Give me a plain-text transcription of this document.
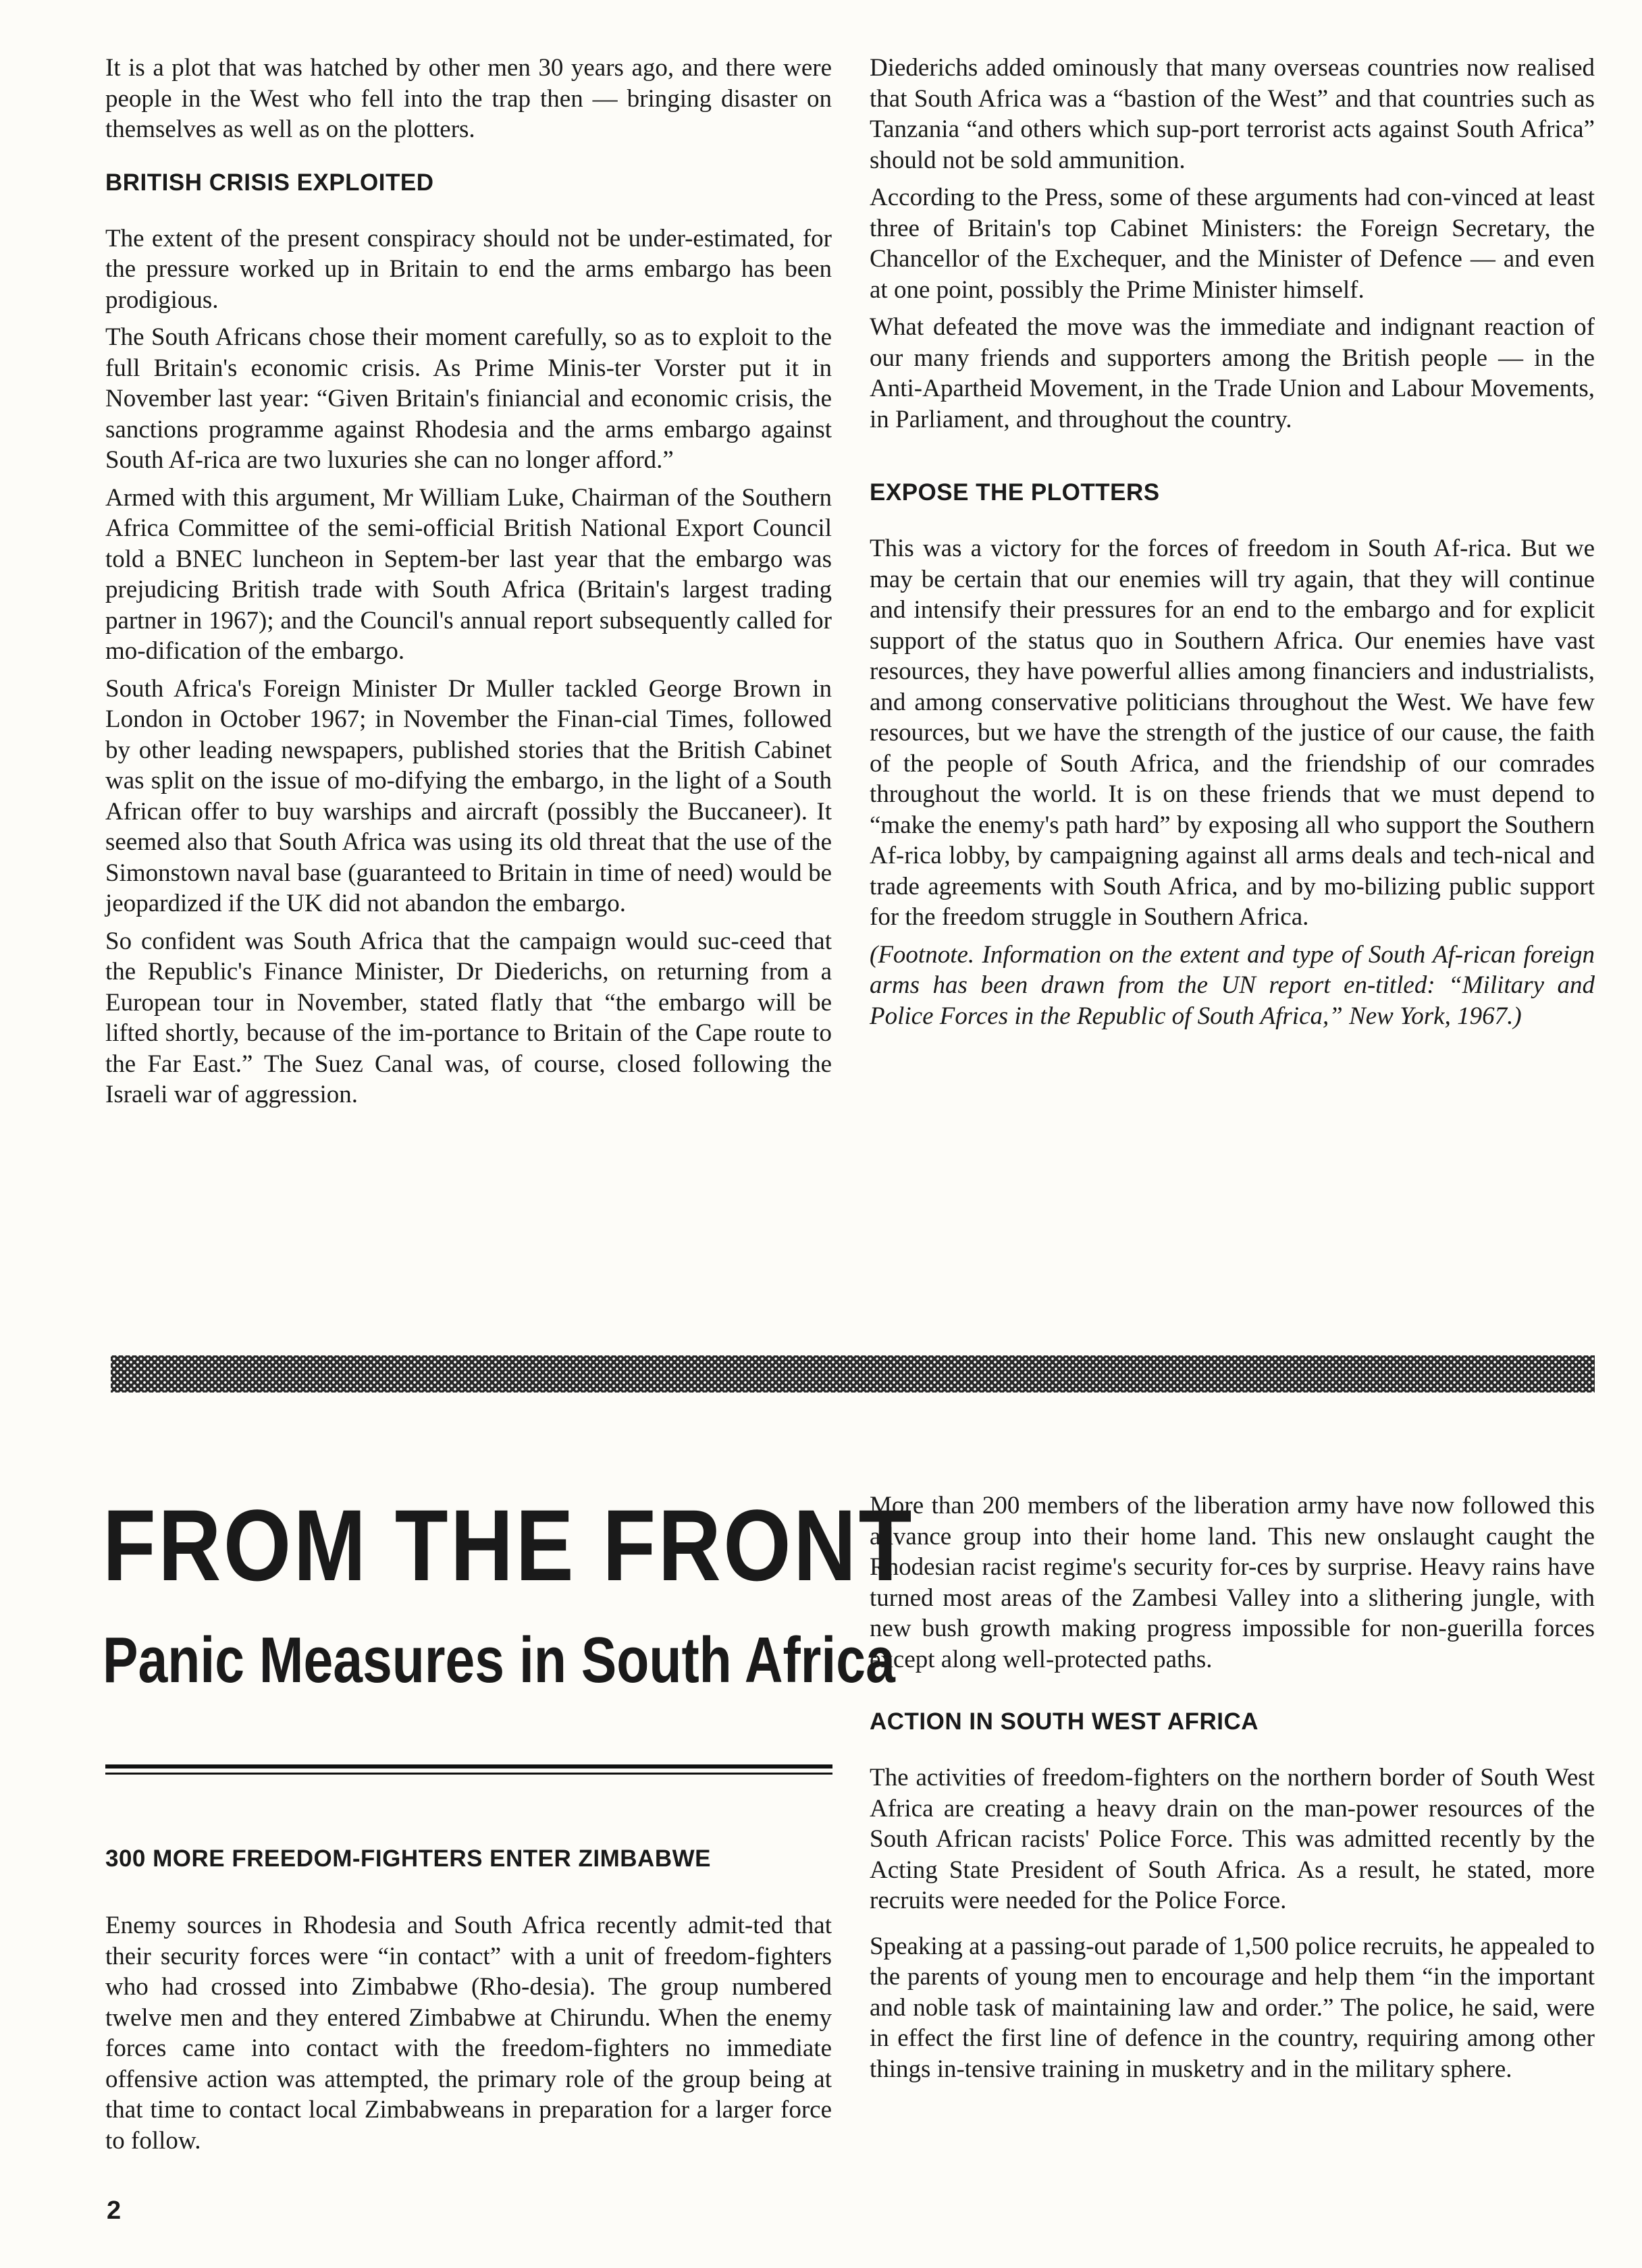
It is a plot that was hatched by other men 30 years ago, and there were people in the West who fell into the trap then — bringing disaster on themselves as well as on the plotters.

BRITISH CRISIS EXPLOITED

The extent of the present conspiracy should not be under-estimated, for the pressure worked up in Britain to end the arms embargo has been prodigious.

The South Africans chose their moment carefully, so as to exploit to the full Britain's economic crisis. As Prime Minis-ter Vorster put it in November last year: “Given Britain's finiancial and economic crisis, the sanctions programme against Rhodesia and the arms embargo against South Af-rica are two luxuries she can no longer afford.”

Armed with this argument, Mr William Luke, Chairman of the Southern Africa Committee of the semi-official British National Export Council told a BNEC luncheon in Septem-ber last year that the embargo was prejudicing British trade with South Africa (Britain's largest trading partner in 1967); and the Council's annual report subsequently called for mo-dification of the embargo.

South Africa's Foreign Minister Dr Muller tackled George Brown in London in October 1967; in November the Finan-cial Times, followed by other leading newspapers, published stories that the British Cabinet was split on the issue of mo-difying the embargo, in the light of a South African offer to buy warships and aircraft (possibly the Buccaneer). It seemed also that South Africa was using its old threat that the use of the Simonstown naval base (guaranteed to Britain in time of need) would be jeopardized if the UK did not abandon the embargo.

So confident was South Africa that the campaign would suc-ceed that the Republic's Finance Minister, Dr Diederichs, on returning from a European tour in November, stated flatly that “the embargo will be lifted shortly, because of the im-portance to Britain of the Cape route to the Far East.” The Suez Canal was, of course, closed following the Israeli war of aggression.

Diederichs added ominously that many overseas countries now realised that South Africa was a “bastion of the West” and that countries such as Tanzania “and others which sup-port terrorist acts against South Africa” should not be sold ammunition.

According to the Press, some of these arguments had con-vinced at least three of Britain's top Cabinet Ministers: the Foreign Secretary, the Chancellor of the Exchequer, and the Minister of Defence — and even at one point, possibly the Prime Minister himself.

What defeated the move was the immediate and indignant reaction of our many friends and supporters among the British people — in the Anti-Apartheid Movement, in the Trade Union and Labour Movements, in Parliament, and throughout the country.

EXPOSE THE PLOTTERS

This was a victory for the forces of freedom in South Af-rica. But we may be certain that our enemies will try again, that they will continue and intensify their pressures for an end to the embargo and for explicit support of the status quo in Southern Africa. Our enemies have vast resources, they have powerful allies among financiers and industrialists, and among conservative politicians throughout the West. We have few resources, but we have the strength of the justice of our cause, the faith of the people of South Africa, and the friendship of our comrades throughout the world. It is on these friends that we must depend to “make the enemy's path hard” by exposing all who support the Southern Af-rica lobby, by campaigning against all arms deals and tech-nical and trade agreements with South Africa, and by mo-bilizing public support for the freedom struggle in Southern Africa.

(Footnote. Information on the extent and type of South Af-rican foreign arms has been drawn from the UN report en-titled: “Military and Police Forces in the Republic of South Africa,” New York, 1967.)

FROM THE FRONT
Panic Measures in South Africa
300 MORE FREEDOM-FIGHTERS ENTER ZIMBABWE

Enemy sources in Rhodesia and South Africa recently admit-ted that their security forces were “in contact” with a unit of freedom-fighters who had crossed into Zimbabwe (Rho-desia). The group numbered twelve men and they entered Zimbabwe at Chirundu. When the enemy forces came into contact with the freedom-fighters no immediate offensive action was attempted, the primary role of the group being at that time to contact local Zimbabweans in preparation for a larger force to follow.

More than 200 members of the liberation army have now followed this advance group into their home land. This new onslaught caught the Rhodesian racist regime's security for-ces by surprise. Heavy rains have turned most areas of the Zambesi Valley into a slithering jungle, with new bush growth making progress impossible for non-guerilla forces except along well-protected paths.

ACTION IN SOUTH WEST AFRICA

The activities of freedom-fighters on the northern border of South West Africa are creating a heavy drain on the man-power resources of the South African racists' Police Force. This was admitted recently by the Acting State President of South Africa. As a result, he stated, more recruits were needed for the Police Force.

Speaking at a passing-out parade of 1,500 police recruits, he appealed to the parents of young men to encourage and help them “in the important and noble task of maintaining law and order.” The police, he said, were in effect the first line of defence in the country, requiring among other things in-tensive training in musketry and in the military sphere.

2
